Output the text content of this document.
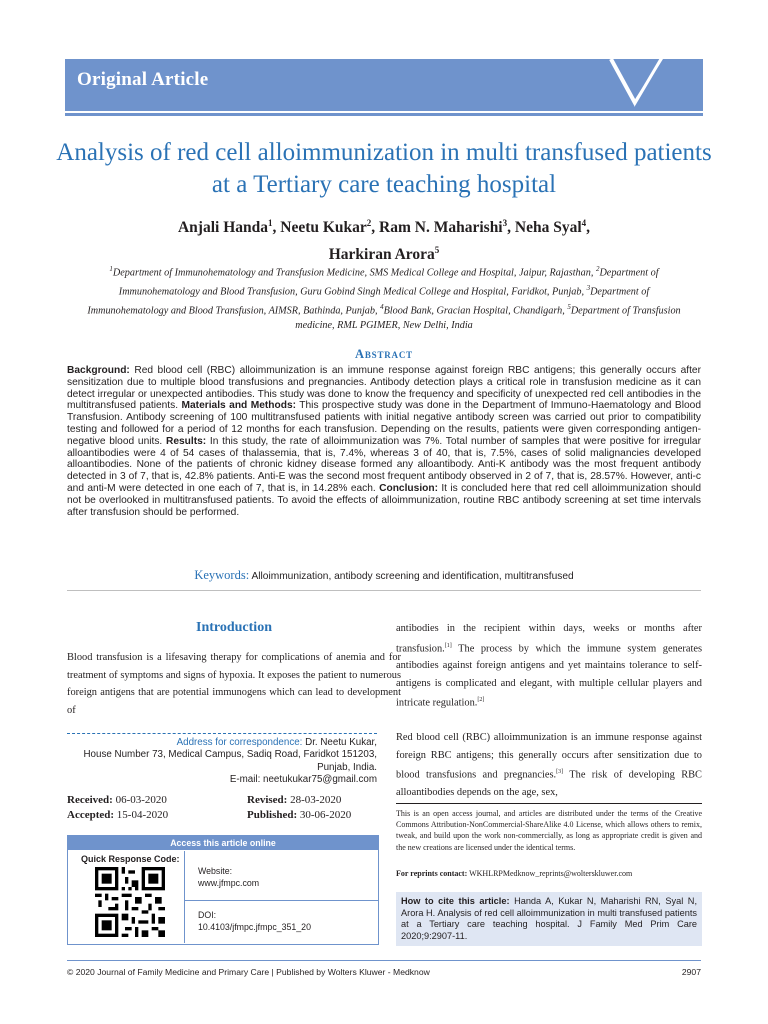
Original Article
Analysis of red cell alloimmunization in multi transfused patients at a Tertiary care teaching hospital
Anjali Handa$^1$, Neetu Kukar$^2$, Ram N. Maharishi$^3$, Neha Syal$^4$,
Harkiran Arora$^5$
$^1$Department of Immunohematology and Transfusion Medicine, SMS Medical College and Hospital, Jaipur, Rajasthan, $^2$Department of Immunohematology and Blood Transfusion, Guru Gobind Singh Medical College and Hospital, Faridkot, Punjab, $^3$Department of Immunohematology and Blood Transfusion, AIMSR, Bathinda, Punjab, $^4$Blood Bank, Gracian Hospital, Chandigarh, $^5$Department of Transfusion medicine, RML PGIMER, New Delhi, India
Abstract
Background: Red blood cell (RBC) alloimmunization is an immune response against foreign RBC antigens; this generally occurs after sensitization due to multiple blood transfusions and pregnancies. Antibody detection plays a critical role in transfusion medicine as it can detect irregular or unexpected antibodies. This study was done to know the frequency and specificity of unexpected red cell antibodies in the multitransfused patients. Materials and Methods: This prospective study was done in the Department of Immuno-Haematology and Blood Transfusion. Antibody screening of 100 multitransfused patients with initial negative antibody screen was carried out prior to compatibility testing and followed for a period of 12 months for each transfusion. Depending on the results, patients were given corresponding antigen-negative blood units. Results: In this study, the rate of alloimmunization was 7%. Total number of samples that were positive for irregular alloantibodies were 4 of 54 cases of thalassemia, that is, 7.4%, whereas 3 of 40, that is, 7.5%, cases of solid malignancies developed alloantibodies. None of the patients of chronic kidney disease formed any alloantibody. Anti-K antibody was the most frequent antibody detected in 3 of 7, that is, 42.8% patients. Anti-E was the second most frequent antibody observed in 2 of 7, that is, 28.57%. However, anti-c and anti-M were detected in one each of 7, that is, in 14.28% each. Conclusion: It is concluded here that red cell alloimmunization should not be overlooked in multitransfused patients. To avoid the effects of alloimmunization, routine RBC antibody screening at set time intervals after transfusion should be performed.
Keywords: Alloimmunization, antibody screening and identification, multitransfused
Introduction

Blood transfusion is a lifesaving therapy for complications of anemia and for treatment of symptoms and signs of hypoxia. It exposes the patient to numerous foreign antigens that are potential immunogens which can lead to development of

antibodies in the recipient within days, weeks or months after transfusion.[1] The process by which the immune system generates antibodies against foreign antigens and yet maintains tolerance to self-antigens is complicated and elegant, with multiple cellular players and intricate regulation.[2]

Red blood cell (RBC) alloimmunization is an immune response against foreign RBC antigens; this generally occurs after sensitization due to blood transfusions and pregnancies.[3] The risk of developing RBC alloantibodies depends on the age, sex,

Address for correspondence: Dr. Neetu Kukar,
House Number 73, Medical Campus, Sadiq Road, Faridkot 151203,
Punjab, India.
E-mail: neetukukar75@gmail.com
Received: 06-03-2020	Revised: 28-03-2020
Accepted: 15-04-2020	Published: 30-06-2020
Access this article online
Quick Response Code:
Website:
www.jfmpc.com
DOI:
10.4103/jfmpc.jfmpc_351_20
This is an open access journal, and articles are distributed under the terms of the Creative Commons Attribution-NonCommercial-ShareAlike 4.0 License, which allows others to remix, tweak, and build upon the work non-commercially, as long as appropriate credit is given and the new creations are licensed under the identical terms.
For reprints contact: WKHLRPMedknow_reprints@wolterskluwer.com
How to cite this article: Handa A, Kukar N, Maharishi RN, Syal N, Arora H. Analysis of red cell alloimmunization in multi transfused patients at a Tertiary care teaching hospital. J Family Med Prim Care 2020;9:2907-11.
© 2020 Journal of Family Medicine and Primary Care | Published by Wolters Kluwer - Medknow	2907
